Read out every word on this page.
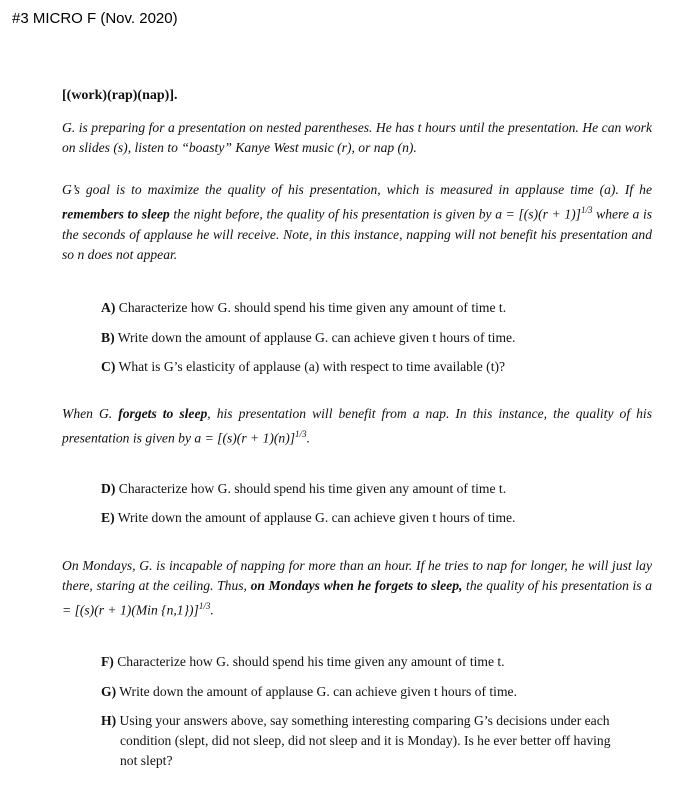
#3 MICRO F (Nov. 2020)
[(work)(rap)(nap)].
G. is preparing for a presentation on nested parentheses. He has t hours until the presentation. He can work on slides (s), listen to “boasty” Kanye West music (r), or nap (n).
G’s goal is to maximize the quality of his presentation, which is measured in applause time (a). If he remembers to sleep the night before, the quality of his presentation is given by $a = [(s)(r + 1)]^{1/3}$ where a is the seconds of applause he will receive. Note, in this instance, napping will not benefit his presentation and so n does not appear.
A) Characterize how G. should spend his time given any amount of time t.
B) Write down the amount of applause G. can achieve given t hours of time.
C) What is G’s elasticity of applause (a) with respect to time available (t)?
When G. forgets to sleep, his presentation will benefit from a nap. In this instance, the quality of his presentation is given by $a = [(s)(r + 1)(n)]^{1/3}$.
D) Characterize how G. should spend his time given any amount of time t.
E) Write down the amount of applause G. can achieve given t hours of time.
On Mondays, G. is incapable of napping for more than an hour. If he tries to nap for longer, he will just lay there, staring at the ceiling. Thus, on Mondays when he forgets to sleep, the quality of his presentation is a = [(s)(r + 1)(Min {n,1})]$^{1/3}$.
F) Characterize how G. should spend his time given any amount of time t.
G) Write down the amount of applause G. can achieve given t hours of time.
H) Using your answers above, say something interesting comparing G’s decisions under each condition (slept, did not sleep, did not sleep and it is Monday). Is he ever better off having not slept?
